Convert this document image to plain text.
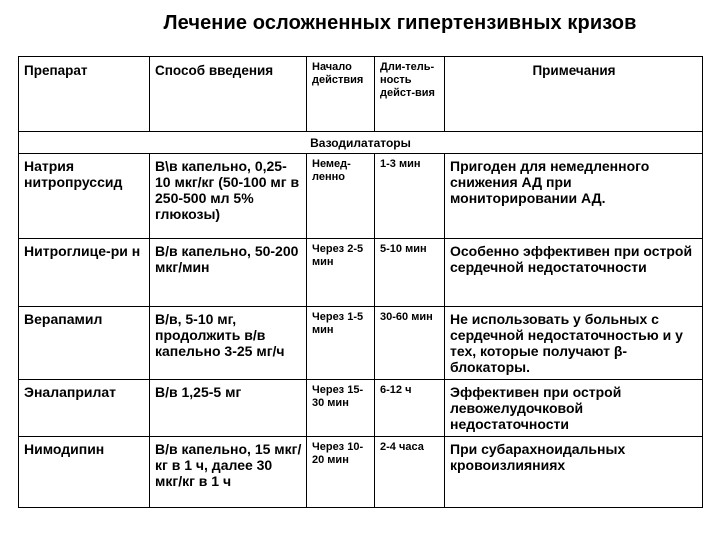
Лечение осложненных гипертензивных кризов
Препарат	Способ введения	Начало действия	Дли-тель-ность дейст-вия	Примечания
Вазодилататоры				
Натрия нитропруссид	В\в капельно, 0,25-10 мкг/кг (50-100 мг в 250-500 мл 5% глюкозы)	Немед-ленно	1-3 мин	Пригоден для немедленного снижения АД при мониторировании АД.
Нитроглице-ри н	В/в капельно, 50-200 мкг/мин	Через 2-5 мин	5-10 мин	Особенно эффективен при острой сердечной недостаточности
Верапамил	В/в, 5-10 мг, продолжить в/в капельно 3-25 мг/ч	Через 1-5 мин	30-60 мин	Не использовать у больных с сердечной недостаточностью и у тех, которые получают β-блокаторы.
Эналаприлат	В/в 1,25-5 мг	Через 15-30 мин	6-12 ч	Эффективен при острой левожелудочковой недостаточности
Нимодипин	В/в капельно, 15 мкг/ кг в 1 ч, далее 30 мкг/кг в 1 ч	Через 10-20 мин	2-4 часа	При субарахноидальных кровоизлияниях
